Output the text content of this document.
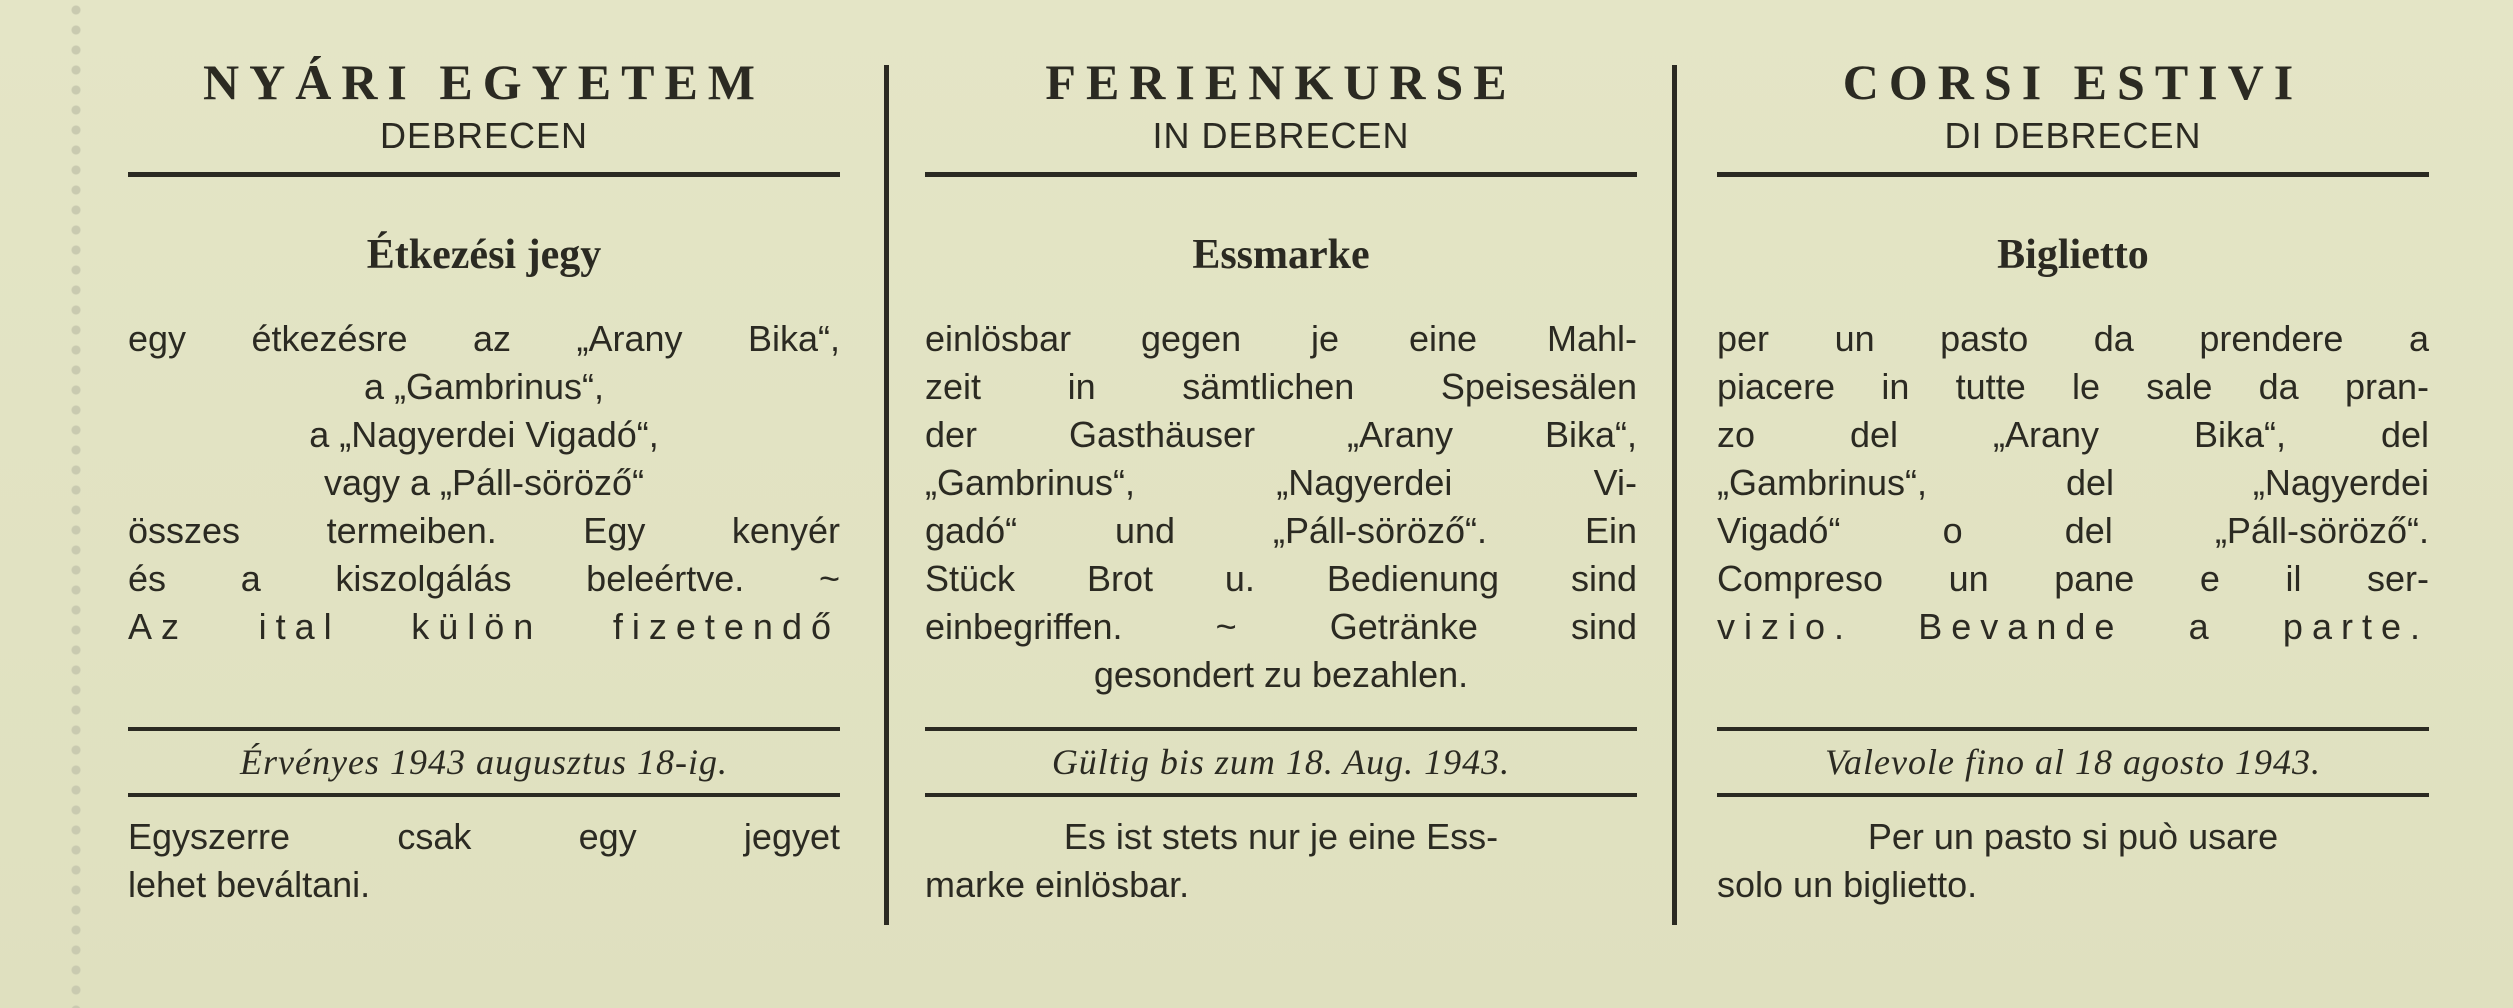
NYÁRI EGYETEM
DEBRECEN
Étkezési jegy
egy étkezésre az „Arany Bika“,
a „Gambrinus“,
a „Nagyerdei Vigadó“,
vagy a „Páll-söröző“
összes termeiben. Egy kenyér
és a kiszolgálás beleértve. ~
Az ital külön fizetendő
Érvényes 1943 augusztus 18-ig.
Egyszerre csak egy jegyet
lehet beváltani.
FERIENKURSE
IN DEBRECEN
Essmarke
einlösbar gegen je eine Mahl-
zeit in sämtlichen Speisesälen
der Gasthäuser „Arany Bika“,
„Gambrinus“, „Nagyerdei Vi-
gadó“ und „Páll-söröző“. Ein
Stück Brot u. Bedienung sind
einbegriffen. ~ Getränke sind
gesondert zu bezahlen.
Gültig bis zum 18. Aug. 1943.
Es ist stets nur je eine Ess-
marke einlösbar.
CORSI ESTIVI
DI DEBRECEN
Biglietto
per un pasto da prendere a
piacere in tutte le sale da pran-
zo del „Arany Bika“, del
„Gambrinus“, del „Nagyerdei
Vigadó“ o del „Páll-söröző“.
Compreso un pane e il ser-
vizio. Bevande a parte.
Valevole fino al 18 agosto 1943.
Per un pasto si può usare
solo un biglietto.
